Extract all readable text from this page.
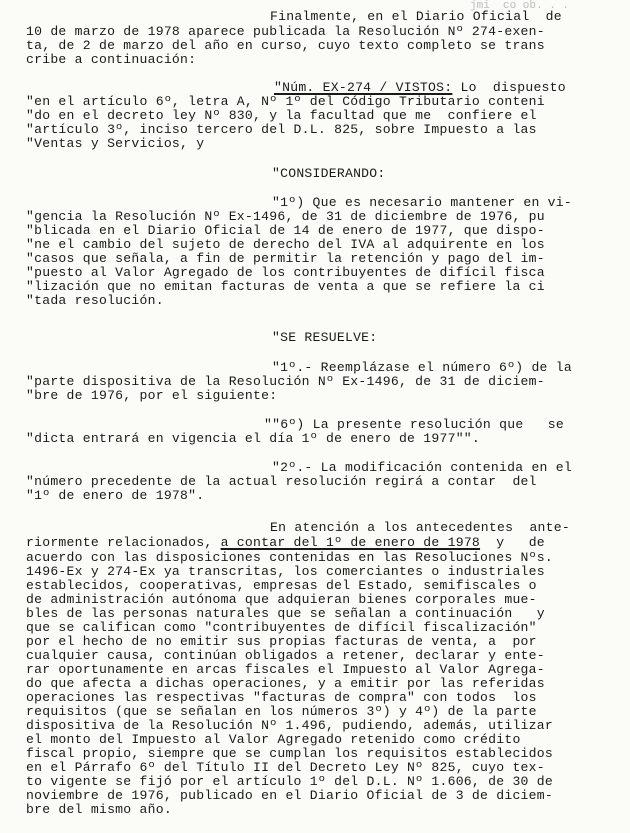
jmi  co ob. . .
Finalmente, en el Diario Oficial  de
10 de marzo de 1978 aparece publicada la Resolución Nº 274-exen-
ta, de 2 de marzo del año en curso, cuyo texto completo se trans
cribe a continuación:
"Núm. EX-274 / VISTOS: Lo  dispuesto
"en el artículo 6º, letra A, Nº 1º del Código Tributario conteni
"do en el decreto ley Nº 830, y la facultad que me  confiere el
"artículo 3º, inciso tercero del D.L. 825, sobre Impuesto a las
"Ventas y Servicios, y
"CONSIDERANDO:
"1º) Que es necesario mantener en vi-
"gencia la Resolución Nº Ex-1496, de 31 de diciembre de 1976, pu
"blicada en el Diario Oficial de 14 de enero de 1977, que dispo-
"ne el cambio del sujeto de derecho del IVA al adquirente en los
"casos que señala, a fin de permitir la retención y pago del im-
"puesto al Valor Agregado de los contribuyentes de difícil fisca
"lización que no emitan facturas de venta a que se refiere la ci
"tada resolución.
"SE RESUELVE:
"1º.- Reemplázase el número 6º) de la
"parte dispositiva de la Resolución Nº Ex-1496, de 31 de diciem-
"bre de 1976, por el siguiente:
""6º) La presente resolución que   se
"dicta entrará en vigencia el día 1º de enero de 1977"".
"2º.- La modificación contenida en el
"número precedente de la actual resolución regirá a contar  del
"1º de enero de 1978".
En atención a los antecedentes  ante-
riormente relacionados, a contar del 1º de enero de 1978  y   de
acuerdo con las disposiciones contenidas en las Resoluciones Nºs.
1496-Ex y 274-Ex ya transcritas, los comerciantes o industriales
establecidos, cooperativas, empresas del Estado, semifiscales o
de administración autónoma que adquieran bienes corporales mue-
bles de las personas naturales que se señalan a continuación   y
que se califican como "contribuyentes de difícil fiscalización"
por el hecho de no emitir sus propias facturas de venta, a  por
cualquier causa, continúan obligados a retener, declarar y ente-
rar oportunamente en arcas fiscales el Impuesto al Valor Agrega-
do que afecta a dichas operaciones, y a emitir por las referidas
operaciones las respectivas "facturas de compra" con todos  los
requisitos (que se señalan en los números 3º) y 4º) de la parte
dispositiva de la Resolución Nº 1.496, pudiendo, además, utilizar
el monto del Impuesto al Valor Agregado retenido como crédito
fiscal propio, siempre que se cumplan los requisitos establecidos
en el Párrafo 6º del Título II del Decreto Ley Nº 825, cuyo tex-
to vigente se fijó por el artículo 1º del D.L. Nº 1.606, de 30 de
noviembre de 1976, publicado en el Diario Oficial de 3 de diciem-
bre del mismo año.
